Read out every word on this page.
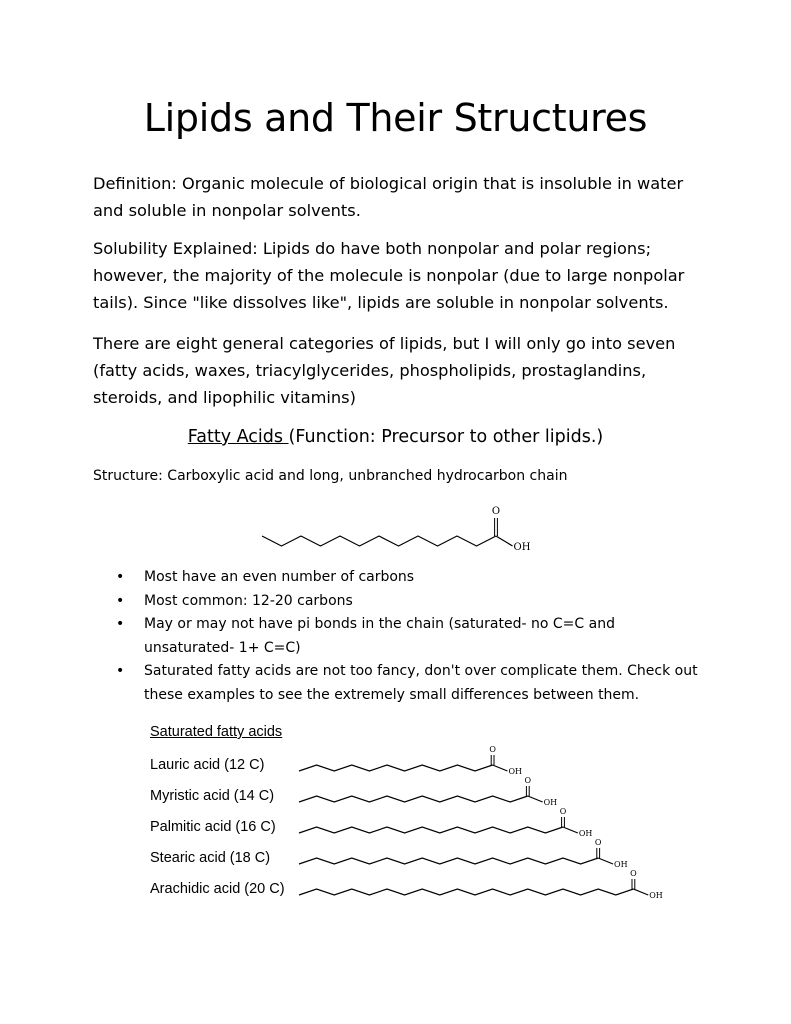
Lipids and Their Structures

Definition: Organic molecule of biological origin that is insoluble in water and soluble in nonpolar solvents.

Solubility Explained: Lipids do have both nonpolar and polar regions; however, the majority of the molecule is nonpolar (due to large nonpolar tails). Since "like dissolves like", lipids are soluble in nonpolar solvents.

There are eight general categories of lipids, but I will only go into seven (fatty acids, waxes, triacylglycerides, phospholipids, prostaglandins, steroids, and lipophilic vitamins)

Fatty Acids (Function: Precursor to other lipids.)

Structure: Carboxylic acid and long, unbranched hydrocarbon chain

O
OH
O
OH
O
OH
O
OH
O
OH
O
OH
• Most have an even number of carbons
• Most common: 12-20 carbons
• May or may not have pi bonds in the chain (saturated- no C=C and unsaturated- 1+ C=C)
• Saturated fatty acids are not too fancy, don't over complicate them. Check out these examples to see the extremely small differences between them.

Saturated fatty acids

Lauric acid (12 C)

Myristic acid (14 C)

Palmitic acid (16 C)

Stearic acid (18 C)

Arachidic acid (20 C)
